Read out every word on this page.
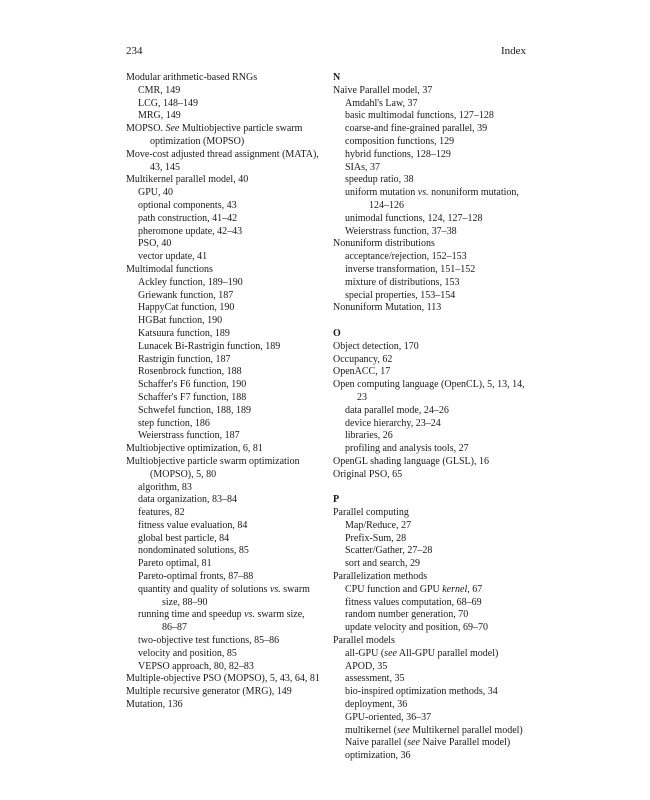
234	Index
Modular arithmetic-based RNGs
CMR, 149
LCG, 148–149
MRG, 149
MOPSO. See Multiobjective particle swarm optimization (MOPSO)
Move-cost adjusted thread assignment (MATA), 43, 145
Multikernel parallel model, 40
GPU, 40
optional components, 43
path construction, 41–42
pheromone update, 42–43
PSO, 40
vector update, 41
Multimodal functions
Ackley function, 189–190
Griewank function, 187
HappyCat function, 190
HGBat function, 190
Katsuura function, 189
Lunacek Bi-Rastrigin function, 189
Rastrigin function, 187
Rosenbrock function, 188
Schaffer's F6 function, 190
Schaffer's F7 function, 188
Schwefel function, 188, 189
step function, 186
Weierstrass function, 187
Multiobjective optimization, 6, 81
Multiobjective particle swarm optimization (MOPSO), 5, 80
algorithm, 83
data organization, 83–84
features, 82
fitness value evaluation, 84
global best particle, 84
nondominated solutions, 85
Pareto optimal, 81
Pareto-optimal fronts, 87–88
quantity and quality of solutions vs. swarm size, 88–90
running time and speedup vs. swarm size, 86–87
two-objective test functions, 85–86
velocity and position, 85
VEPSO approach, 80, 82–83
Multiple-objective PSO (MOPSO), 5, 43, 64, 81
Multiple recursive generator (MRG), 149
Mutation, 136
N
Naive Parallel model, 37
Amdahl's Law, 37
basic multimodal functions, 127–128
coarse-and fine-grained parallel, 39
composition functions, 129
hybrid functions, 128–129
SIAs, 37
speedup ratio, 38
uniform mutation vs. nonuniform mutation, 124–126
unimodal functions, 124, 127–128
Weierstrass function, 37–38
Nonuniform distributions
acceptance/rejection, 152–153
inverse transformation, 151–152
mixture of distributions, 153
special properties, 153–154
Nonuniform Mutation, 113
O
Object detection, 170
Occupancy, 62
OpenACC, 17
Open computing language (OpenCL), 5, 13, 14, 23
data parallel mode, 24–26
device hierarchy, 23–24
libraries, 26
profiling and analysis tools, 27
OpenGL shading language (GLSL), 16
Original PSO, 65
P
Parallel computing
Map/Reduce, 27
Prefix-Sum, 28
Scatter/Gather, 27–28
sort and search, 29
Parallelization methods
CPU function and GPU kernel, 67
fitness values computation, 68–69
random number generation, 70
update velocity and position, 69–70
Parallel models
all-GPU (see All-GPU parallel model)
APOD, 35
assessment, 35
bio-inspired optimization methods, 34
deployment, 36
GPU-oriented, 36–37
multikernel (see Multikernel parallel model)
Naive parallel (see Naive Parallel model)
optimization, 36
